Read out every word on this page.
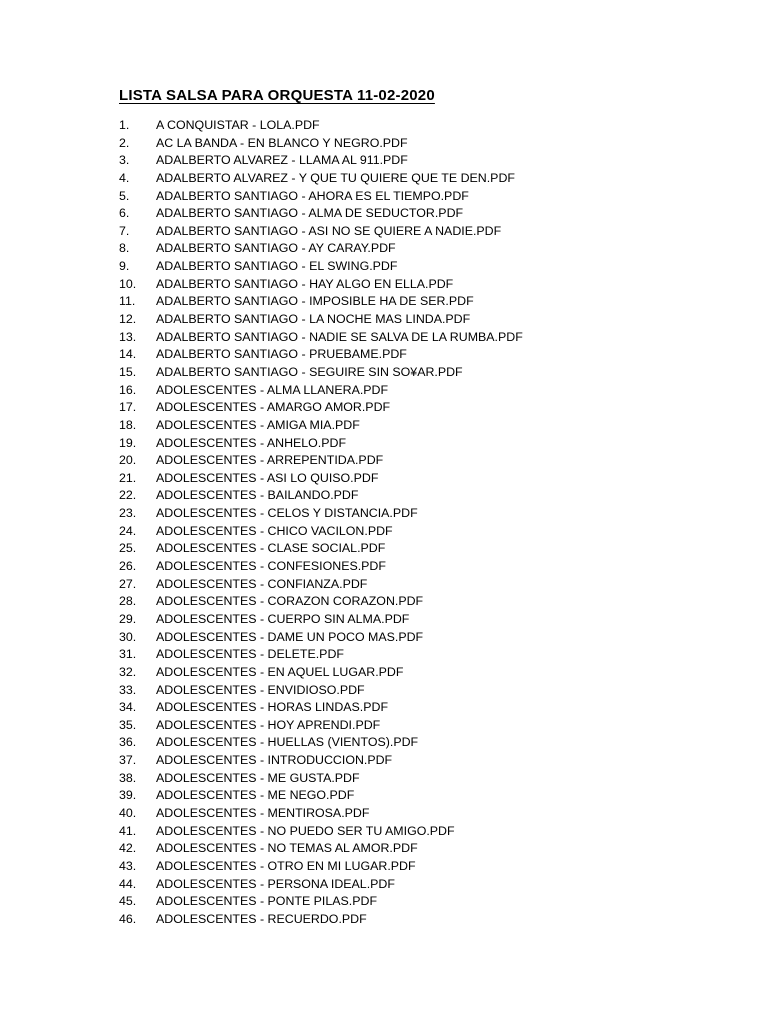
LISTA SALSA PARA ORQUESTA 11-02-2020
1.	A CONQUISTAR - LOLA.PDF
2.	AC LA BANDA - EN BLANCO Y NEGRO.PDF
3.	ADALBERTO ALVAREZ - LLAMA AL 911.PDF
4.	ADALBERTO ALVAREZ - Y QUE TU QUIERE QUE TE DEN.PDF
5.	ADALBERTO SANTIAGO - AHORA ES EL TIEMPO.PDF
6.	ADALBERTO SANTIAGO - ALMA DE SEDUCTOR.PDF
7.	ADALBERTO SANTIAGO - ASI NO SE QUIERE A NADIE.PDF
8.	ADALBERTO SANTIAGO - AY CARAY.PDF
9.	ADALBERTO SANTIAGO - EL SWING.PDF
10.	ADALBERTO SANTIAGO - HAY ALGO EN ELLA.PDF
11.	ADALBERTO SANTIAGO - IMPOSIBLE HA DE SER.PDF
12.	ADALBERTO SANTIAGO - LA NOCHE MAS LINDA.PDF
13.	ADALBERTO SANTIAGO - NADIE SE SALVA DE LA RUMBA.PDF
14.	ADALBERTO SANTIAGO - PRUEBAME.PDF
15.	ADALBERTO SANTIAGO - SEGUIRE SIN SO¥AR.PDF
16.	ADOLESCENTES - ALMA LLANERA.PDF
17.	ADOLESCENTES - AMARGO AMOR.PDF
18.	ADOLESCENTES - AMIGA MIA.PDF
19.	ADOLESCENTES - ANHELO.PDF
20.	ADOLESCENTES - ARREPENTIDA.PDF
21.	ADOLESCENTES - ASI LO QUISO.PDF
22.	ADOLESCENTES - BAILANDO.PDF
23.	ADOLESCENTES - CELOS Y DISTANCIA.PDF
24.	ADOLESCENTES - CHICO VACILON.PDF
25.	ADOLESCENTES - CLASE SOCIAL.PDF
26.	ADOLESCENTES - CONFESIONES.PDF
27.	ADOLESCENTES - CONFIANZA.PDF
28.	ADOLESCENTES - CORAZON CORAZON.PDF
29.	ADOLESCENTES - CUERPO SIN ALMA.PDF
30.	ADOLESCENTES - DAME UN POCO MAS.PDF
31.	ADOLESCENTES - DELETE.PDF
32.	ADOLESCENTES - EN AQUEL LUGAR.PDF
33.	ADOLESCENTES - ENVIDIOSO.PDF
34.	ADOLESCENTES - HORAS LINDAS.PDF
35.	ADOLESCENTES - HOY APRENDI.PDF
36.	ADOLESCENTES - HUELLAS (VIENTOS).PDF
37.	ADOLESCENTES - INTRODUCCION.PDF
38.	ADOLESCENTES - ME GUSTA.PDF
39.	ADOLESCENTES - ME NEGO.PDF
40.	ADOLESCENTES - MENTIROSA.PDF
41.	ADOLESCENTES - NO PUEDO SER TU AMIGO.PDF
42.	ADOLESCENTES - NO TEMAS AL AMOR.PDF
43.	ADOLESCENTES - OTRO EN MI LUGAR.PDF
44.	ADOLESCENTES - PERSONA IDEAL.PDF
45.	ADOLESCENTES - PONTE PILAS.PDF
46.	ADOLESCENTES - RECUERDO.PDF
